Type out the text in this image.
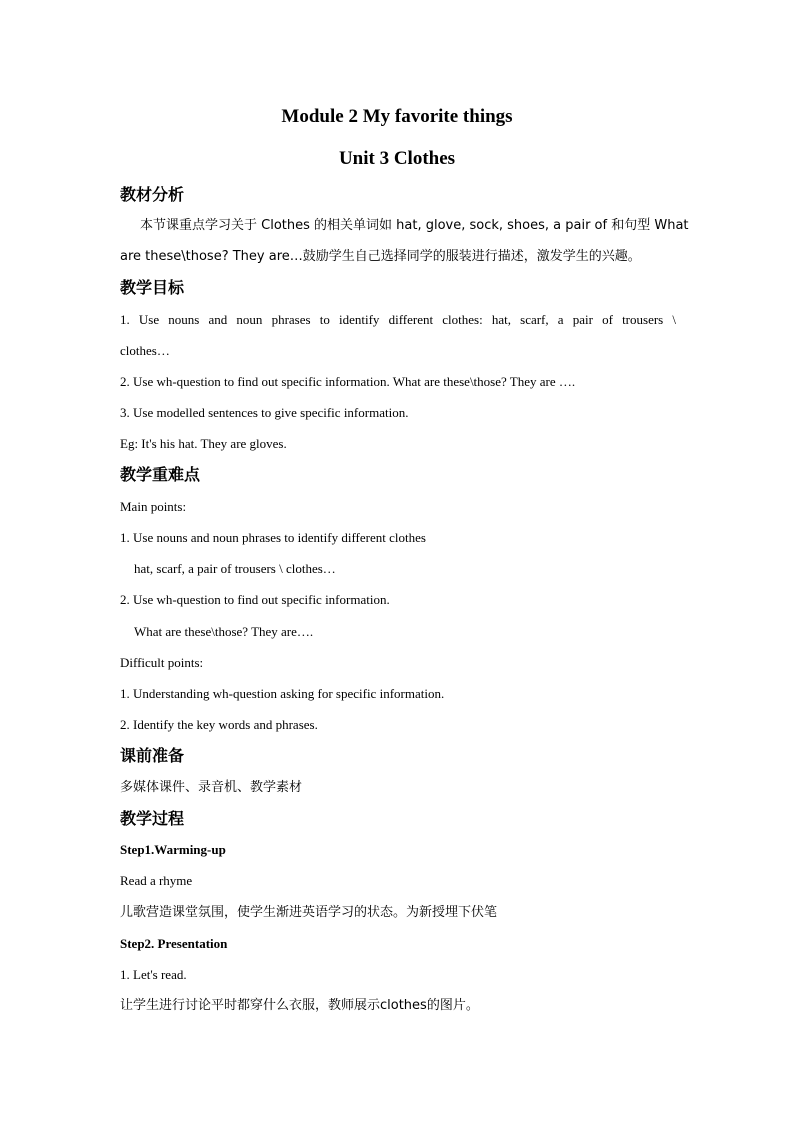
Module 2 My favorite things
Unit 3 Clothes
教材分析
本节课重点学习关于 Clothes 的相关单词如 hat, glove, sock, shoes, a pair of 和句型 What
are these\those? They are…鼓励学生自己选择同学的服装进行描述，激发学生的兴趣。
教学目标
1. Use nouns and noun phrases to identify different clothes: hat, scarf, a pair of trousers \
clothes…
2. Use wh-question to find out specific information. What are these\those? They are ….
3. Use modelled sentences to give specific information.
Eg: It's his hat. They are gloves.
教学重难点
Main points:
1. Use nouns and noun phrases to identify different clothes
hat, scarf, a pair of trousers \ clothes…
2. Use wh-question to find out specific information.
What are these\those? They are….
Difficult points:
1. Understanding wh-question asking for specific information.
2. Identify the key words and phrases.
课前准备
多媒体课件、录音机、教学素材
教学过程
Step1.Warming-up
Read a rhyme
儿歌营造课堂氛围，使学生渐进英语学习的状态。为新授埋下伏笔
Step2. Presentation
1. Let's read.
让学生进行讨论平时都穿什么衣服，教师展示clothes的图片。
